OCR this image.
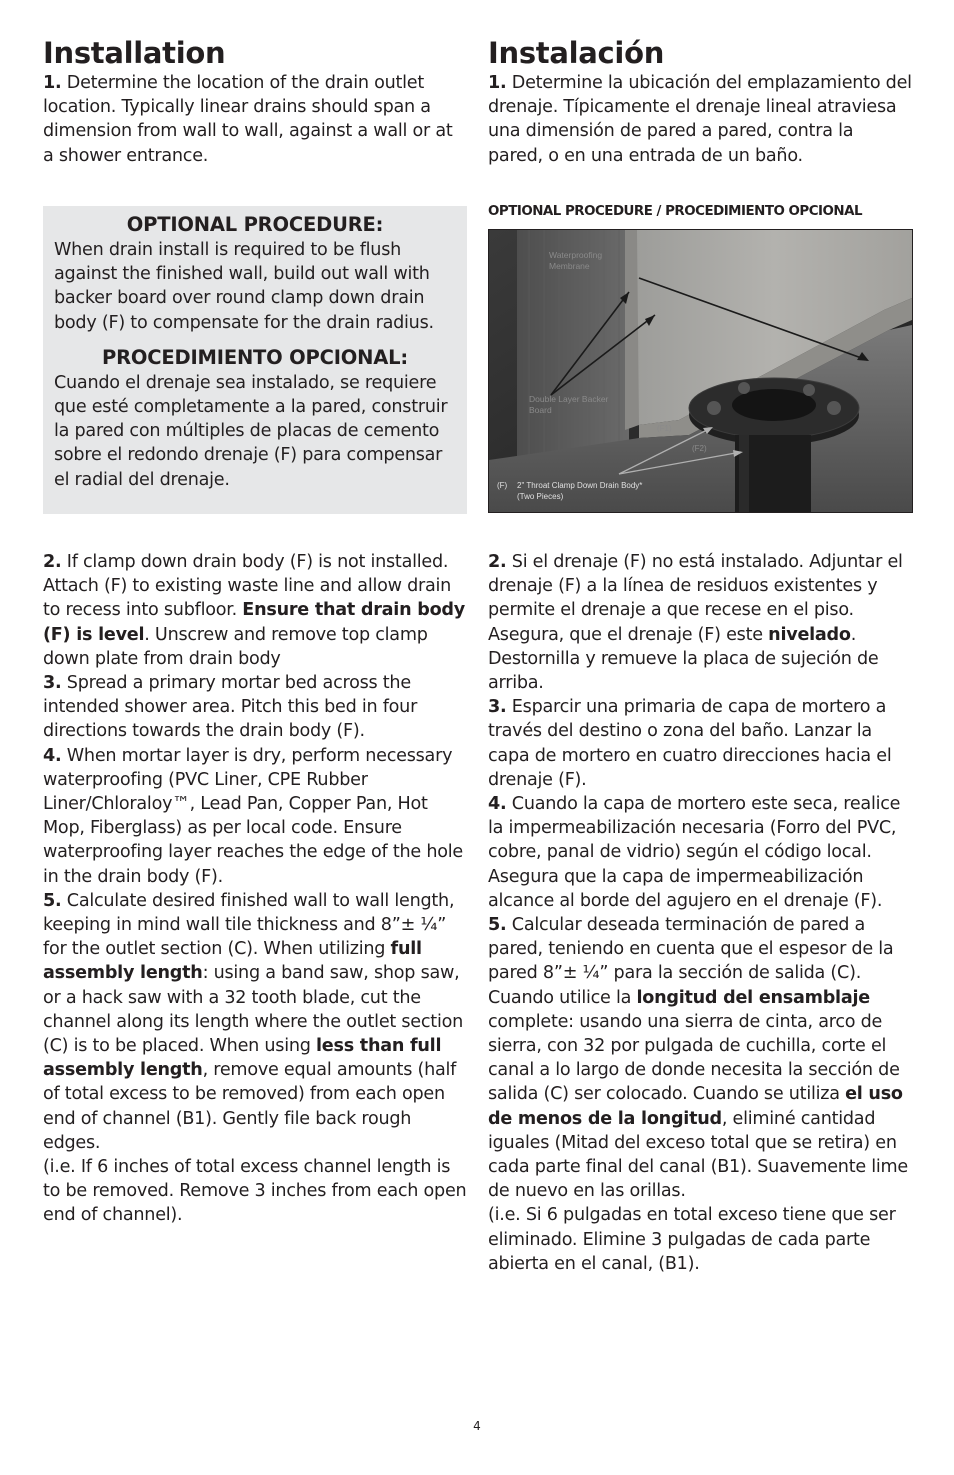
Installation

1. Determine the location of the drain outlet location. Typically linear drains should span a dimension from wall to wall, against a wall or at a shower entrance.

2. If clamp down drain body (F) is not installed. Attach (F) to existing waste line and allow drain to recess into subfloor. Ensure that drain body (F) is level. Unscrew and remove top clamp down plate from drain body

3. Spread a primary mortar bed across the intended shower area. Pitch this bed in four directions towards the drain body (F).

4. When mortar layer is dry, perform necessary waterproofing (PVC Liner, CPE Rubber Liner/Chloraloy™, Lead Pan, Copper Pan, Hot Mop, Fiberglass) as per local code. Ensure waterproofing layer reaches the edge of the hole in the drain body (F).

5. Calculate desired finished wall to wall length, keeping in mind wall tile thickness and 8”± ¼” for the outlet section (C). When utilizing full assembly length: using a band saw, shop saw, or a hack saw with a 32 tooth blade, cut the channel along its length where the outlet section (C) is to be placed. When using less than full assembly length, remove equal amounts (half of total excess to be removed) from each open end of channel (B1). Gently file back rough edges.

(i.e. If 6 inches of total excess channel length is to be removed. Remove 3 inches from each open end of channel).

OPTIONAL PROCEDURE:

When drain install is required to be flush against the finished wall, build out wall with backer board over round clamp down drain body (F) to compensate for the drain radius.

PROCEDIMIENTO OPCIONAL:

Cuando el drenaje sea instalado, se requiere que esté completamente a la pared, construir la pared con múltiples de placas de cemento sobre el redondo drenaje (F) para compensar el radial del drenaje.

Instalación

1. Determine la ubicación del emplazamiento del drenaje. Típicamente el drenaje lineal atraviesa una dimensión de pared a pared, contra la pared, o en una entrada de un baño.

2. Si el drenaje (F) no está instalado. Adjuntar el drenaje (F) a la línea de residuos existentes y permite el drenaje a que recese en el piso. Asegura, que el drenaje (F) este nivelado. Destornilla y remueve la placa de sujeción de arriba.

3. Esparcir una primaria de capa de mortero a través del destino o zona del baño. Lanzar la capa de mortero en cuatro direcciones hacia el drenaje (F).

4. Cuando la capa de mortero este seca, realice la impermeabilización necesaria (Forro del PVC, cobre, panal de vidrio) según el código local. Asegura que la capa de impermeabilización alcance al borde del agujero en el drenaje (F).

5. Calcular deseada terminación de pared a pared, teniendo en cuenta que el espesor de la pared 8”± ¼” para la sección de salida (C). Cuando utilice la longitud del ensamblaje complete: usando una sierra de cinta, arco de sierra, con 32 por pulgada de cuchilla, corte el canal a lo largo de donde necesita la sección de salida (C) ser colocado. Cuando se utiliza el uso de menos de la longitud, eliminé cantidad iguales (Mitad del exceso total que se retira) en cada parte final del canal (B1). Suavemente lime de nuevo en las orillas.

(i.e. Si 6 pulgadas en total exceso tiene que ser eliminado. Elimine 3 pulgadas de cada parte abierta en el canal, (B1).

OPTIONAL PROCEDURE / PROCEDIMIENTO OPCIONAL
Waterproofing
Membrane
Double Layer Backer
Board
(F1)
(F2)
(F) 2" Throat Clamp Down Drain Body*
(Two Pieces)
4
